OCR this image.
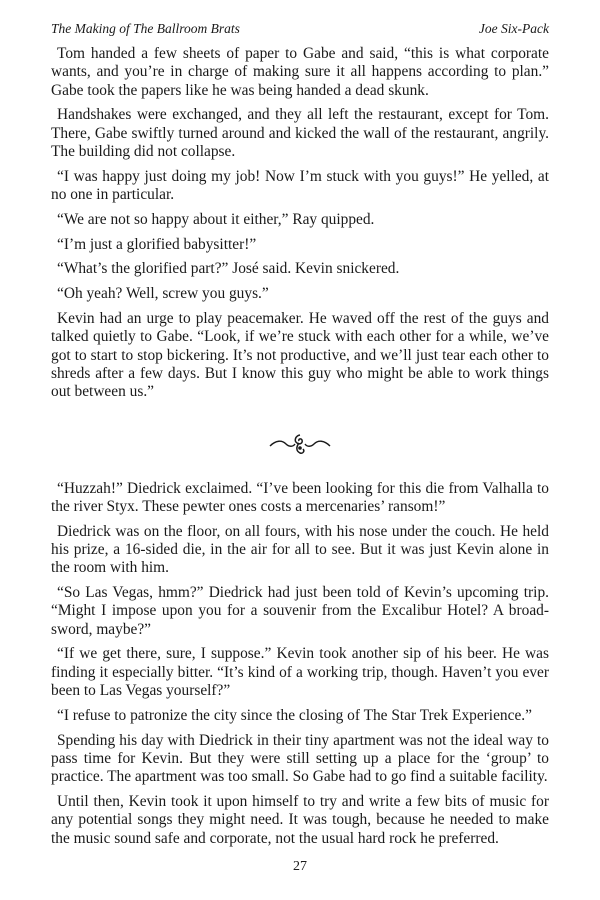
The Making of The Ballroom Brats	Joe Six-Pack

Tom handed a few sheets of paper to Gabe and said, “this is what corporate wants, and you’re in charge of making sure it all happens according to plan.” Gabe took the papers like he was being handed a dead skunk.

Handshakes were exchanged, and they all left the restaurant, except for Tom. There, Gabe swiftly turned around and kicked the wall of the restaurant, angrily. The building did not collapse.

“I was happy just doing my job! Now I’m stuck with you guys!” He yelled, at no one in particular.

“We are not so happy about it either,” Ray quipped.

“I’m just a glorified babysitter!”

“What’s the glorified part?” José said. Kevin snickered.

“Oh yeah? Well, screw you guys.”

Kevin had an urge to play peacemaker. He waved off the rest of the guys and talked quietly to Gabe. “Look, if we’re stuck with each other for a while, we’ve got to start to stop bickering. It’s not productive, and we’ll just tear each other to shreds after a few days. But I know this guy who might be able to work things out between us.”

“Huzzah!” Diedrick exclaimed. “I’ve been looking for this die from Valhalla to the river Styx. These pewter ones costs a mercenaries’ ransom!”

Diedrick was on the floor, on all fours, with his nose under the couch. He held his prize, a 16-sided die, in the air for all to see. But it was just Kevin alone in the room with him.

“So Las Vegas, hmm?” Diedrick had just been told of Kevin’s upcoming trip. “Might I impose upon you for a souvenir from the Excalibur Hotel? A broadsword, maybe?”

“If we get there, sure, I suppose.” Kevin took another sip of his beer. He was finding it especially bitter. “It’s kind of a working trip, though. Haven’t you ever been to Las Vegas yourself?”

“I refuse to patronize the city since the closing of The Star Trek Experience.”

Spending his day with Diedrick in their tiny apartment was not the ideal way to pass time for Kevin. But they were still setting up a place for the ‘group’ to practice. The apartment was too small. So Gabe had to go find a suitable facility.

Until then, Kevin took it upon himself to try and write a few bits of music for any potential songs they might need. It was tough, because he needed to make the music sound safe and corporate, not the usual hard rock he preferred.

27
